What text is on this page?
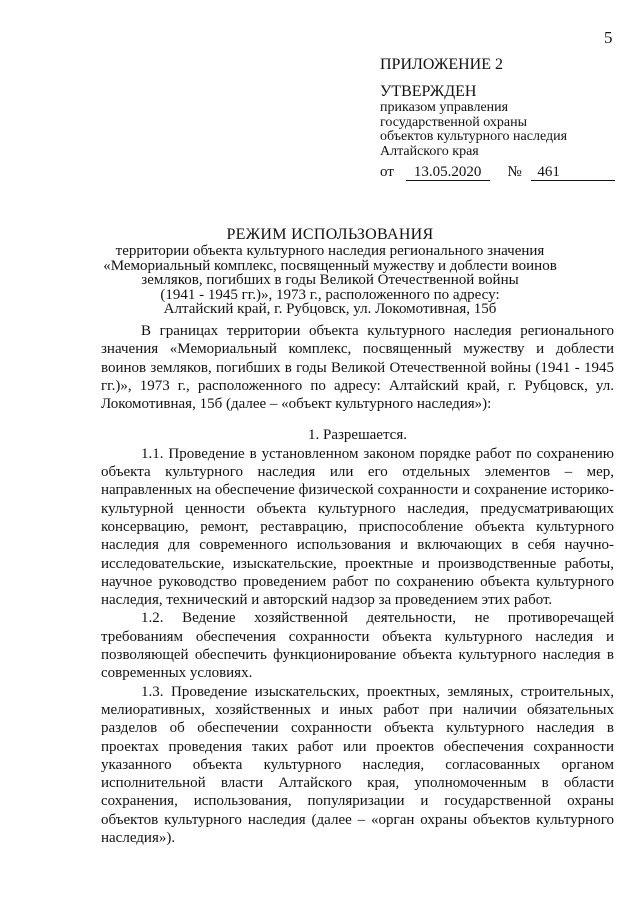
5
ПРИЛОЖЕНИЕ 2
УТВЕРЖДЕН
приказом управления
государственной охраны
объектов культурного наследия
Алтайского края
от 13.05.2020 № 461
РЕЖИМ ИСПОЛЬЗОВАНИЯ
территории объекта культурного наследия регионального значения
«Мемориальный комплекс, посвященный мужеству и доблести воинов
земляков, погибших в годы Великой Отечественной войны
(1941 - 1945 гг.)», 1973 г., расположенного по адресу:
Алтайский край, г. Рубцовск, ул. Локомотивная, 15б

В границах территории объекта культурного наследия регионального значения «Мемориальный комплекс, посвященный мужеству и доблести воинов земляков, погибших в годы Великой Отечественной войны (1941 - 1945 гг.)», 1973 г., расположенного по адресу: Алтайский край, г. Рубцовск, ул. Локомотивная, 15б (далее – «объект культурного наследия»):

1. Разрешается.

1.1. Проведение в установленном законом порядке работ по сохранению объекта культурного наследия или его отдельных элементов – мер, направленных на обеспечение физической сохранности и сохранение историко-культурной ценности объекта культурного наследия, предусматривающих консервацию, ремонт, реставрацию, приспособление объекта культурного наследия для современного использования и включающих в себя научно-исследовательские, изыскательские, проектные и производственные работы, научное руководство проведением работ по сохранению объекта культурного наследия, технический и авторский надзор за проведением этих работ.

1.2. Ведение хозяйственной деятельности, не противоречащей требованиям обеспечения сохранности объекта культурного наследия и позволяющей обеспечить функционирование объекта культурного наследия в современных условиях.

1.3. Проведение изыскательских, проектных, земляных, строительных, мелиоративных, хозяйственных и иных работ при наличии обязательных разделов об обеспечении сохранности объекта культурного наследия в проектах проведения таких работ или проектов обеспечения сохранности указанного объекта культурного наследия, согласованных органом исполнительной власти Алтайского края, уполномоченным в области сохранения, использования, популяризации и государственной охраны объектов культурного наследия (далее – «орган охраны объектов культурного наследия»).
